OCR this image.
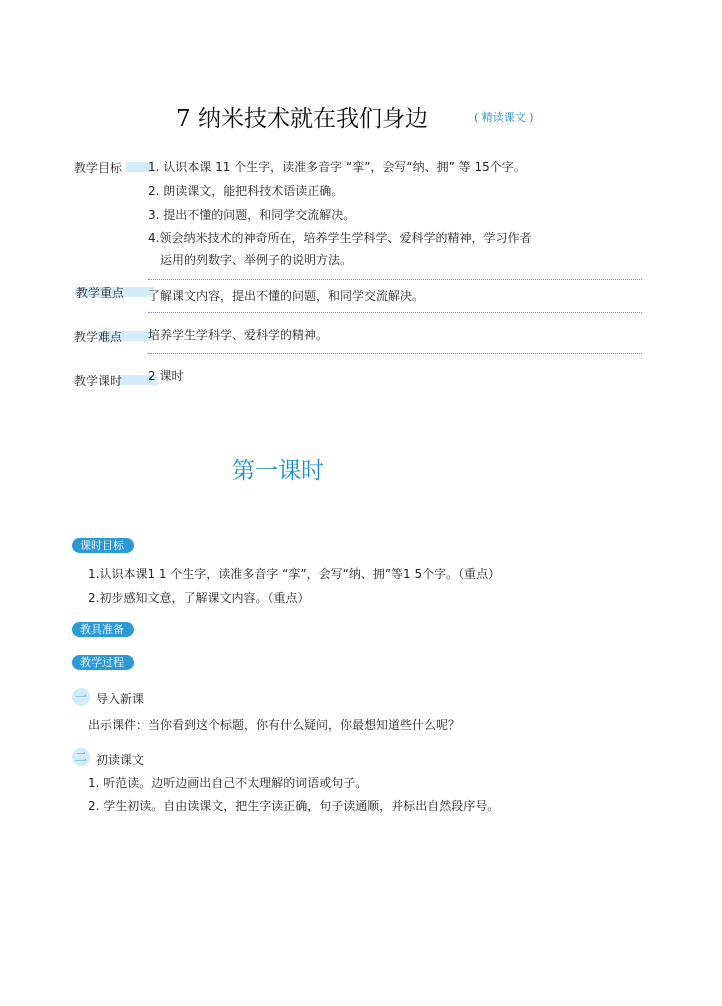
7 纳米技术就在我们身边	( 精读课文 )
教学目标 1. 认识本课 11 个生字，读准多音字 “挛”，会写“纳、拥” 等 15个字。
2. 朗读课文，能把科技术语读正确。
3. 提出不懂的问题，和同学交流解决。
4.领会纳米技术的神奇所在，培养学生学科学、爱科学的精神，学习作者
运用的列数字、举例子的说明方法。
教学重点 了解课文内容，提出不懂的问题，和同学交流解决。
教学难点 培养学生学科学、爱科学的精神。
教学课时 2 课时
第一课时
课时目标
1.认识本课1 1 个生字，读准多音字 “挛”，会写“纳、拥”等1 5个字。（重点）
2.初步感知文意，了解课文内容。（重点）
教具准备
教学过程
一 导入新课
出示课件：当你看到这个标题，你有什么疑问，你最想知道些什么呢？
二 初读课文
1. 听范读。边听边画出自己不太理解的词语或句子。
2. 学生初读。自由读课文，把生字读正确，句子读通顺，并标出自然段序号。
